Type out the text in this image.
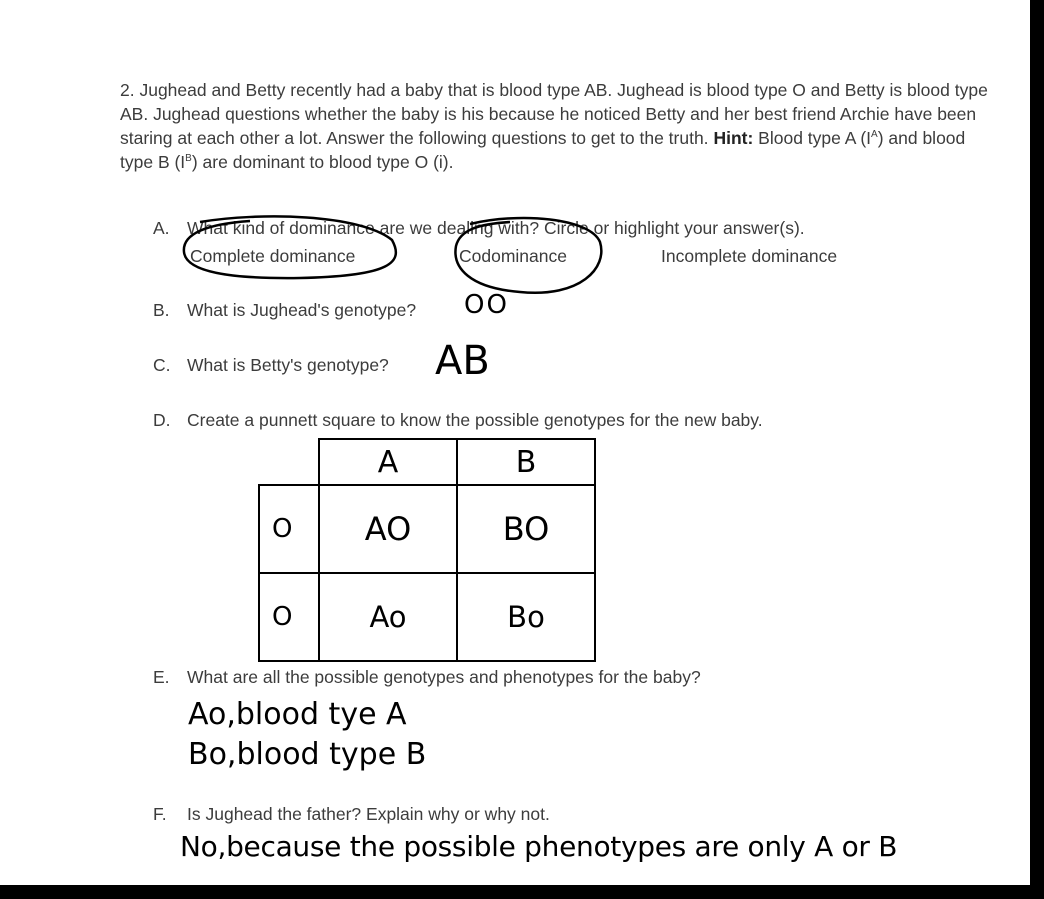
2. Jughead and Betty recently had a baby that is blood type AB. Jughead is blood type O and Betty is blood type AB. Jughead questions whether the baby is his because he noticed Betty and her best friend Archie have been staring at each other a lot. Answer the following questions to get to the truth. Hint: Blood type A $(I^A)$ and blood type B $(I^B)$ are dominant to blood type O (i).
A. What kind of dominance are we dealing with? Circle or highlight your answer(s).
Complete dominance	Codominance	Incomplete dominance
B. What is Jughead's genotype? OO
C. What is Betty's genotype? AB
D. Create a punnett square to know the possible genotypes for the new baby.
	A	B
O	AO	BO
O	Ao	Bo
E. What are all the possible genotypes and phenotypes for the baby?
Ao,blood tye A
Bo,blood type B
F. Is Jughead the father? Explain why or why not.
No,because the possible phenotypes are only A or B
